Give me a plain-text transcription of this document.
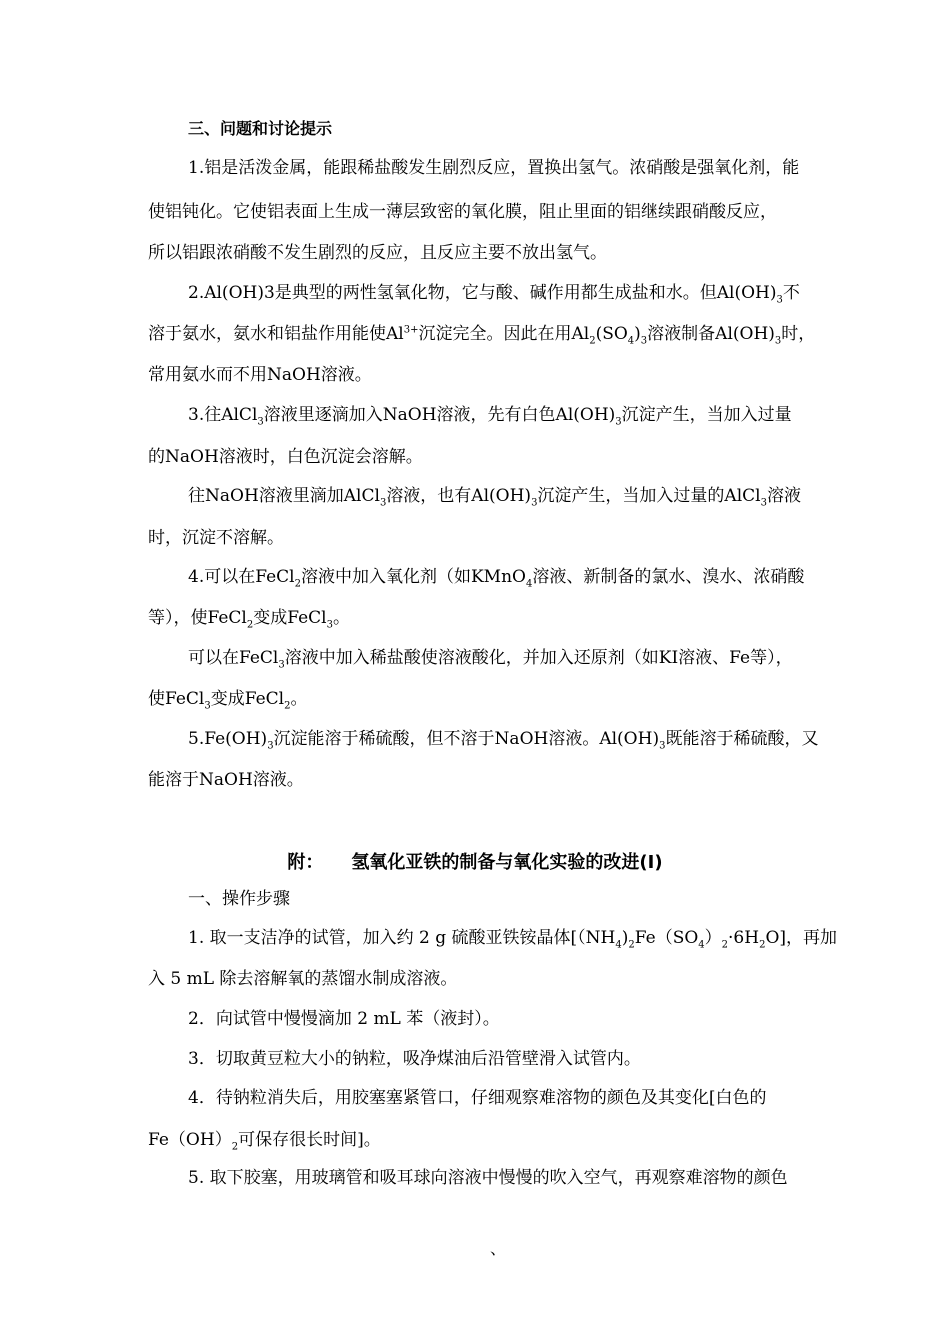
三、问题和讨论提示
1.铝是活泼金属，能跟稀盐酸发生剧烈反应，置换出氢气。浓硝酸是强氧化剂，能
使铝钝化。它使铝表面上生成一薄层致密的氧化膜，阻止里面的铝继续跟硝酸反应，
所以铝跟浓硝酸不发生剧烈的反应，且反应主要不放出氢气。
2.Al(OH)3是典型的两性氢氧化物，它与酸、碱作用都生成盐和水。但$Al(OH)_3$不
溶于氨水，氨水和铝盐作用能使$Al^{3+}$沉淀完全。因此在用$Al_2(SO_4)_3$溶液制备$Al(OH)_3$时，
常用氨水而不用NaOH溶液。
3.往AlCl$_3$溶液里逐滴加入NaOH溶液，先有白色$Al(OH)_3$沉淀产生，当加入过量
的NaOH溶液时，白色沉淀会溶解。
往NaOH溶液里滴加AlCl$_3$溶液，也有$Al(OH)_3$沉淀产生，当加入过量的AlCl$_3$溶液
时，沉淀不溶解。
4.可以在FeCl$_2$溶液中加入氧化剂（如KMnO$_4$溶液、新制备的氯水、溴水、浓硝酸
等），使FeCl$_2$变成FeCl$_3$。
可以在FeCl$_3$溶液中加入稀盐酸使溶液酸化，并加入还原剂（如KI溶液、Fe等），
使FeCl$_3$变成FeCl$_2$。
$5.Fe(OH)_3$沉淀能溶于稀硫酸，但不溶于NaOH溶液。$Al(OH)_3$既能溶于稀硫酸，又
能溶于NaOH溶液。
附： 氢氧化亚铁的制备与氧化实验的改进(Ⅰ)
一、操作步骤
1. 取一支洁净的试管，加入约 2 g 硫酸亚铁铵晶体$[(NH_4)_2Fe(SO_4)_2\cdot 6H_2O]$，再加
入 5 mL 除去溶解氧的蒸馏水制成溶液。
2．向试管中慢慢滴加 2 mL 苯（液封）。
3．切取黄豆粒大小的钠粒，吸净煤油后沿管壁滑入试管内。
4．待钠粒消失后，用胶塞塞紧管口，仔细观察难溶物的颜色及其变化[白色的
$Fe(OH)_2$可保存很长时间]。
5. 取下胶塞，用玻璃管和吸耳球向溶液中慢慢的吹入空气，再观察难溶物的颜色
、
